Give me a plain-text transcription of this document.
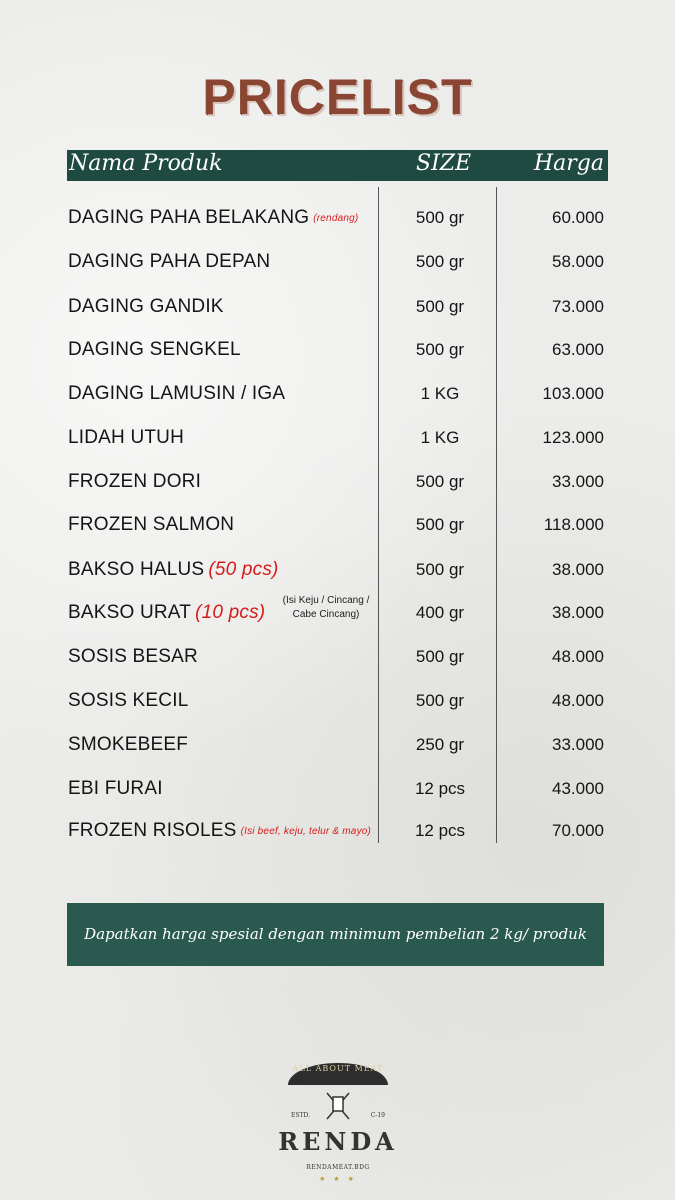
PRICELIST
Nama Produk	SIZE	Harga
DAGING PAHA BELAKANG (rendang)	500 gr	60.000
DAGING PAHA DEPAN	500 gr	58.000
DAGING GANDIK	500 gr	73.000
DAGING SENGKEL	500 gr	63.000
DAGING LAMUSIN / IGA	1 KG	103.000
LIDAH UTUH	1 KG	123.000
FROZEN DORI	500 gr	33.000
FROZEN SALMON	500 gr	118.000
BAKSO HALUS (50 pcs)	500 gr	38.000
BAKSO URAT (10 pcs)
(Isi Keju / Cincang / Cabe Cincang)	400 gr	38.000
SOSIS BESAR	500 gr	48.000
SOSIS KECIL	500 gr	48.000
SMOKEBEEF	250 gr	33.000
EBI FURAI	12 pcs	43.000
FROZEN RISOLES (Isi beef, keju, telur & mayo)	12 pcs	70.000
Dapatkan harga spesial dengan minimum pembelian 2 kg/ produk
ALL ABOUT MEAT
ESTD.	C-19
RENDA
RENDAMEAT.BDG
★ ★ ★
